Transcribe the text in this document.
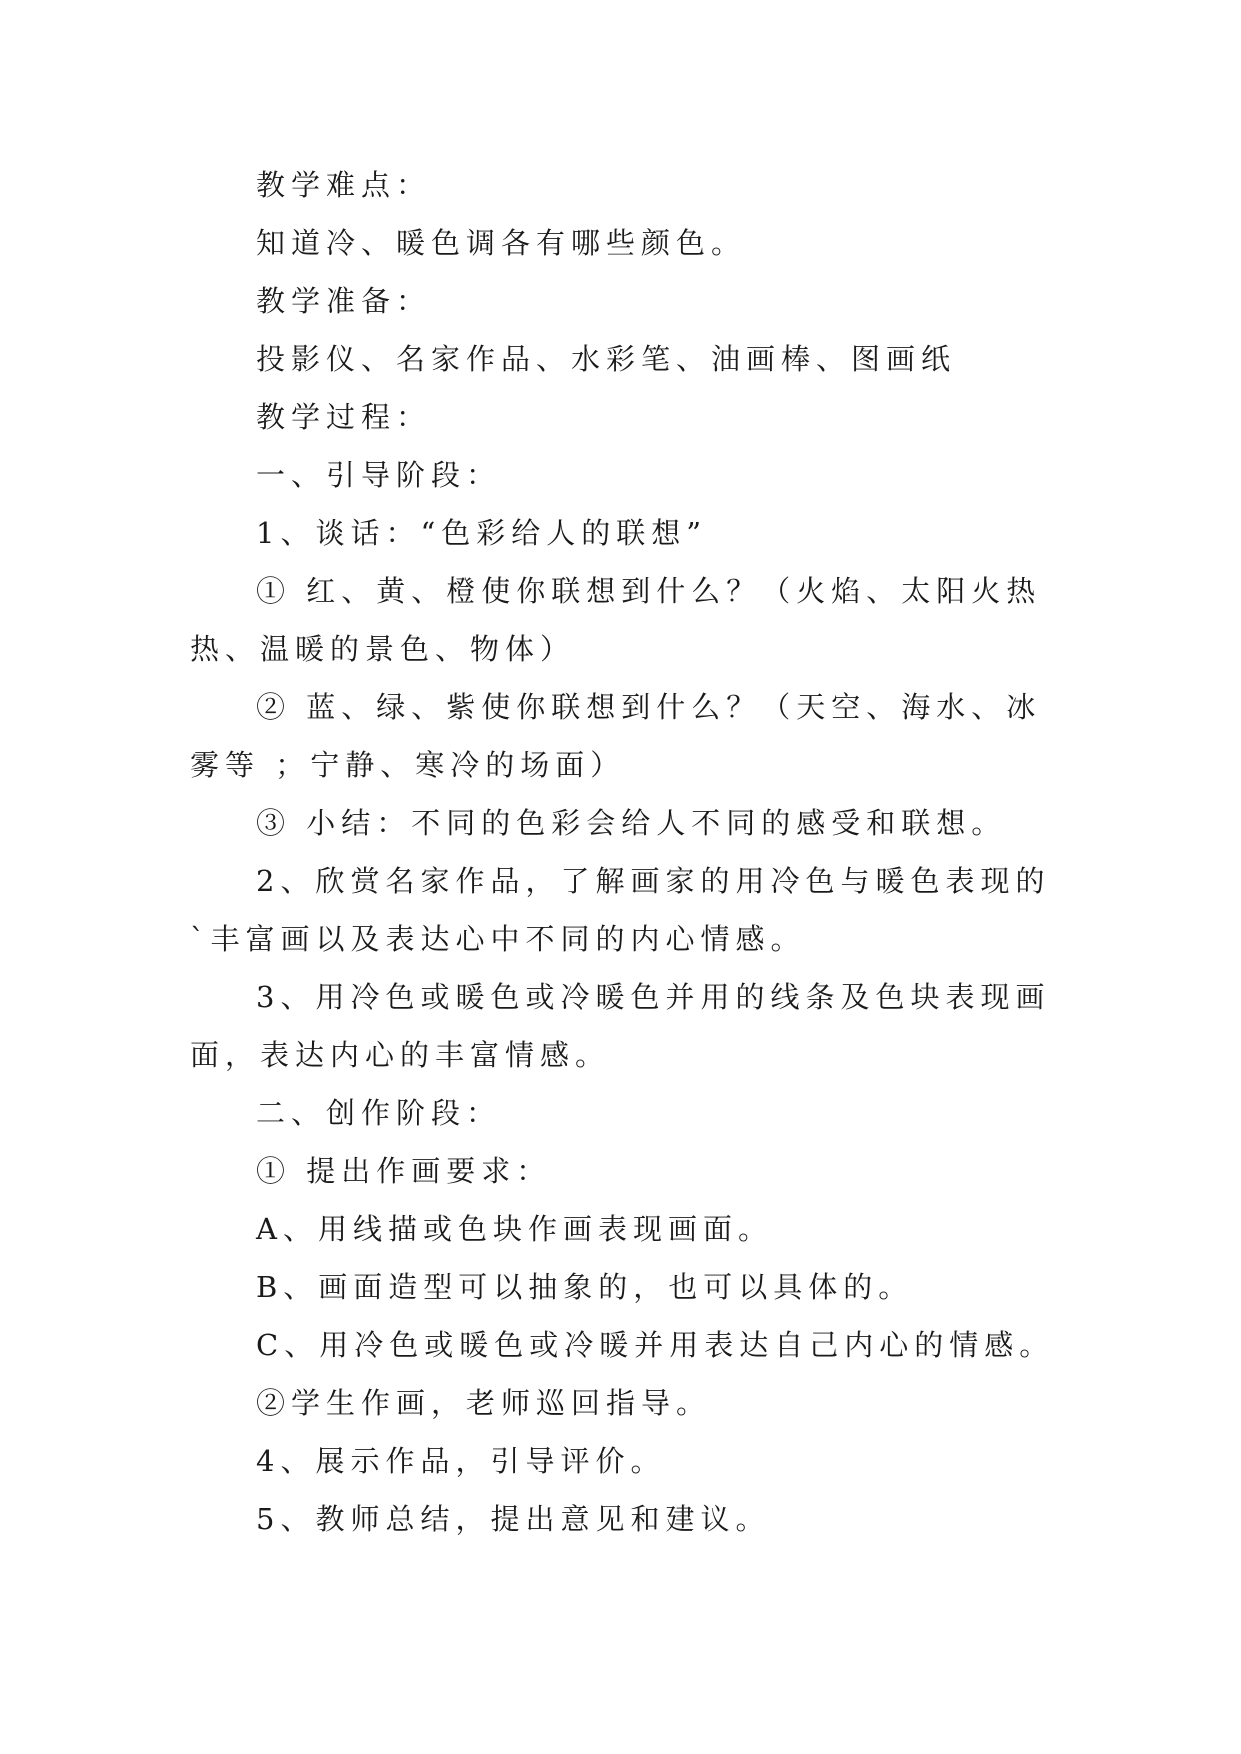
教学难点：

知道冷、暖色调各有哪些颜色。

教学准备：

投影仪、名家作品、水彩笔、油画棒、图画纸

教学过程：

一、引导阶段：

1、谈话：“色彩给人的联想”

① 红、黄、橙使你联想到什么？（火焰、太阳火热热、温暖的景色、物体）

② 蓝、绿、紫使你联想到什么？（天空、海水、冰雾等 ；宁静、寒冷的场面）

③ 小结：不同的色彩会给人不同的感受和联想。

2、欣赏名家作品，了解画家的用冷色与暖色表现的`丰富画以及表达心中不同的内心情感。

3、用冷色或暖色或冷暖色并用的线条及色块表现画面，表达内心的丰富情感。

二、创作阶段：

① 提出作画要求：

A、用线描或色块作画表现画面。

B、画面造型可以抽象的，也可以具体的。

C、用冷色或暖色或冷暖并用表达自己内心的情感。

②学生作画，老师巡回指导。

4、展示作品，引导评价。

5、教师总结，提出意见和建议。
